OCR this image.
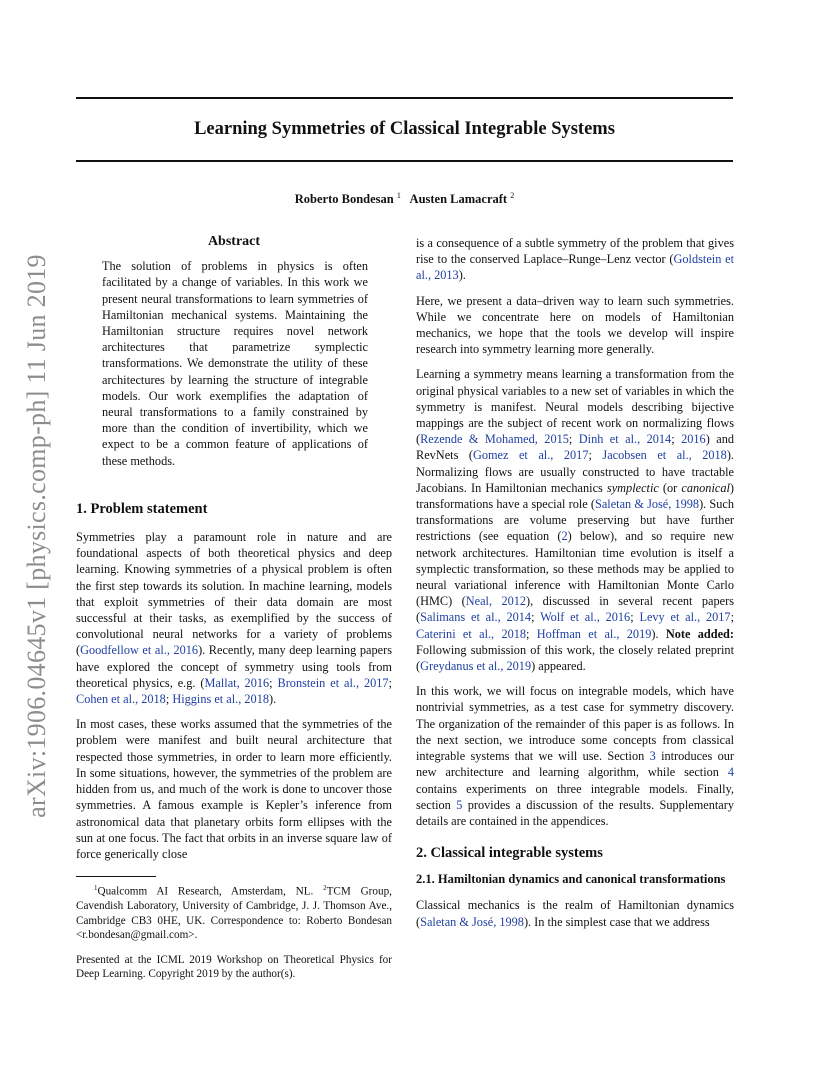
Learning Symmetries of Classical Integrable Systems
Roberto Bondesan $^1$ Austen Lamacraft $^2$
arXiv:1906.04645v1 [physics.comp-ph] 11 Jun 2019
Abstract

The solution of problems in physics is often facilitated by a change of variables. In this work we present neural transformations to learn symmetries of Hamiltonian mechanical systems. Maintaining the Hamiltonian structure requires novel network architectures that parametrize symplectic transformations. We demonstrate the utility of these architectures by learning the structure of integrable models. Our work exemplifies the adaptation of neural transformations to a family constrained by more than the condition of invertibility, which we expect to be a common feature of applications of these methods.

1. Problem statement

Symmetries play a paramount role in nature and are foundational aspects of both theoretical physics and deep learning. Knowing symmetries of a physical problem is often the first step towards its solution. In machine learning, models that exploit symmetries of their data domain are most successful at their tasks, as exemplified by the success of convolutional neural networks for a variety of problems (Goodfellow et al., 2016). Recently, many deep learning papers have explored the concept of symmetry using tools from theoretical physics, e.g. (Mallat, 2016; Bronstein et al., 2017; Cohen et al., 2018; Higgins et al., 2018).

In most cases, these works assumed that the symmetries of the problem were manifest and built neural architecture that respected those symmetries, in order to learn more efficiently. In some situations, however, the symmetries of the problem are hidden from us, and much of the work is done to uncover those symmetries. A famous example is Kepler’s inference from astronomical data that planetary orbits form ellipses with the sun at one focus. The fact that orbits in an inverse square law of force generically close

$^1$Qualcomm AI Research, Amsterdam, NL. $^2$TCM Group, Cavendish Laboratory, University of Cambridge, J. J. Thomson Ave., Cambridge CB3 0HE, UK. Correspondence to: Roberto Bondesan <r.bondesan@gmail.com>.

Presented at the ICML 2019 Workshop on Theoretical Physics for Deep Learning. Copyright 2019 by the author(s).

is a consequence of a subtle symmetry of the problem that gives rise to the conserved Laplace–Runge–Lenz vector (Goldstein et al., 2013).

Here, we present a data–driven way to learn such symmetries. While we concentrate here on models of Hamiltonian mechanics, we hope that the tools we develop will inspire research into symmetry learning more generally.

Learning a symmetry means learning a transformation from the original physical variables to a new set of variables in which the symmetry is manifest. Neural models describing bijective mappings are the subject of recent work on normalizing flows (Rezende & Mohamed, 2015; Dinh et al., 2014; 2016) and RevNets (Gomez et al., 2017; Jacobsen et al., 2018). Normalizing flows are usually constructed to have tractable Jacobians. In Hamiltonian mechanics symplectic (or canonical) transformations have a special role (Saletan & José, 1998). Such transformations are volume preserving but have further restrictions (see equation (2) below), and so require new network architectures. Hamiltonian time evolution is itself a symplectic transformation, so these methods may be applied to neural variational inference with Hamiltonian Monte Carlo (HMC) (Neal, 2012), discussed in several recent papers (Salimans et al., 2014; Wolf et al., 2016; Levy et al., 2017; Caterini et al., 2018; Hoffman et al., 2019). Note added: Following submission of this work, the closely related preprint (Greydanus et al., 2019) appeared.

In this work, we will focus on integrable models, which have nontrivial symmetries, as a test case for symmetry discovery. The organization of the remainder of this paper is as follows. In the next section, we introduce some concepts from classical integrable systems that we will use. Section 3 introduces our new architecture and learning algorithm, while section 4 contains experiments on three integrable models. Finally, section 5 provides a discussion of the results. Supplementary details are contained in the appendices.

2. Classical integrable systems
2.1. Hamiltonian dynamics and canonical transformations

Classical mechanics is the realm of Hamiltonian dynamics (Saletan & José, 1998). In the simplest case that we address
